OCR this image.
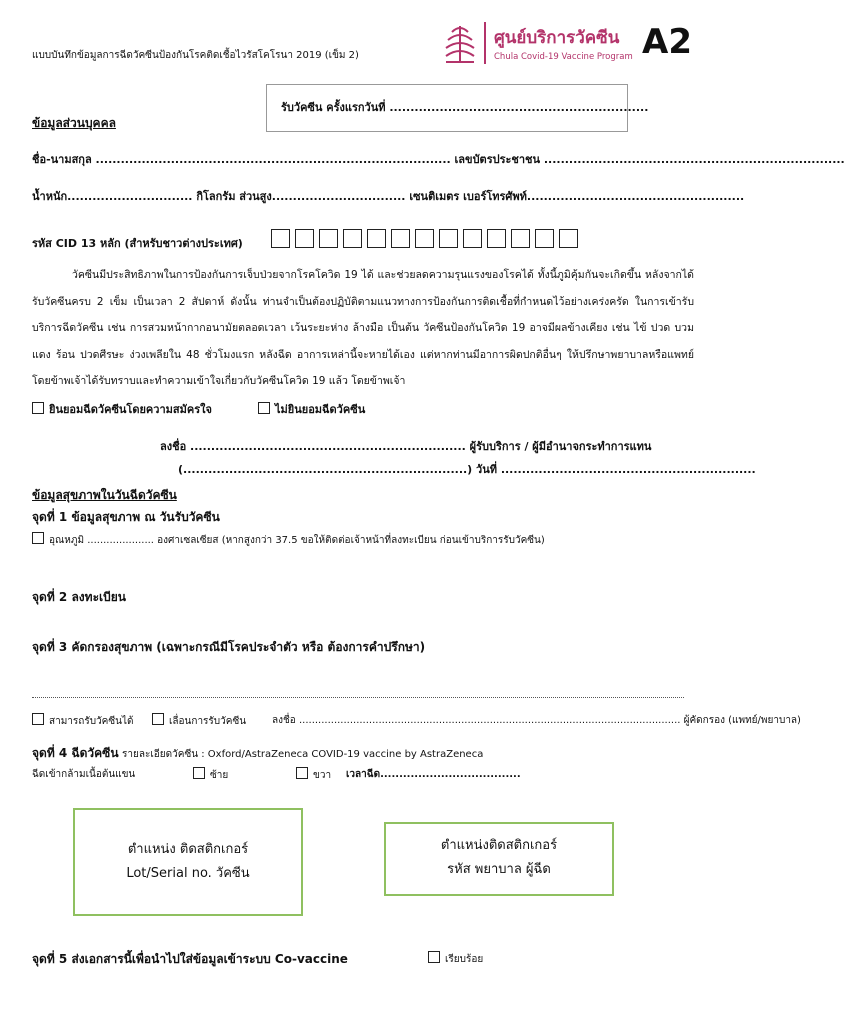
แบบบันทึกข้อมูลการฉีดวัคซีนป้องกันโรคติดเชื้อไวรัสโคโรนา 2019 (เข็ม 2)
ศูนย์บริการวัคซีน
Chula Covid-19 Vaccine Program A2
รับวัคซีน ครั้งแรกวันที่ ..............................................................
ข้อมูลส่วนบุคคล
ชื่อ-นามสกุล ..................................................................................... เลขบัตรประชาชน ........................................................................
น้ำหนัก.............................. กิโลกรัม ส่วนสูง................................ เซนติเมตร เบอร์โทรศัพท์....................................................
รหัส CID 13 หลัก (สำหรับชาวต่างประเทศ)
วัคซีนมีประสิทธิภาพในการป้องกันการเจ็บป่วยจากโรคโควิด 19 ได้ และช่วยลดความรุนแรงของโรคได้ ทั้งนี้ภูมิคุ้มกันจะเกิดขึ้น หลังจากได้รับวัคซีนครบ 2 เข็ม เป็นเวลา 2 สัปดาห์ ดังนั้น ท่านจำเป็นต้องปฏิบัติตามแนวทางการป้องกันการติดเชื้อที่กำหนดไว้อย่างเคร่งครัด ในการเข้ารับบริการฉีดวัคซีน เช่น การสวมหน้ากากอนามัยตลอดเวลา เว้นระยะห่าง ล้างมือ เป็นต้น วัคซีนป้องกันโควิด 19 อาจมีผลข้างเคียง เช่น ไข้ ปวด บวม แดง ร้อน ปวดศีรษะ ง่วงเพลียใน 48 ชั่วโมงแรก หลังฉีด อาการเหล่านี้จะหายได้เอง แต่หากท่านมีอาการผิดปกติอื่นๆ ให้ปรึกษาพยาบาลหรือแพทย์โดยข้าพเจ้าได้รับทราบและทำความเข้าใจเกี่ยวกับวัคซีนโควิด 19 แล้ว โดยข้าพเจ้า
ยินยอมฉีดวัคซีนโดยความสมัครใจ	ไม่ยินยอมฉีดวัคซีน
ลงชื่อ .................................................................. ผู้รับบริการ / ผู้มีอำนาจกระทำการแทน
(....................................................................) วันที่ .............................................................
ข้อมูลสุขภาพในวันฉีดวัคซีน
จุดที่ 1 ข้อมูลสุขภาพ ณ วันรับวัคซีน
อุณหภูมิ ..................... องศาเซลเซียส (หากสูงกว่า 37.5 ขอให้ติดต่อเจ้าหน้าที่ลงทะเบียน ก่อนเข้าบริการรับวัคซีน)
จุดที่ 2 ลงทะเบียน
จุดที่ 3 คัดกรองสุขภาพ (เฉพาะกรณีมีโรคประจำตัว หรือ ต้องการคำปรึกษา)
สามารถรับวัคซีนได้	เลื่อนการรับวัคซีน	ลงชื่อ ........................................................................................................................ ผู้คัดกรอง (แพทย์/พยาบาล)
จุดที่ 4 ฉีดวัคซีน รายละเอียดวัคซีน : Oxford/AstraZeneca COVID-19 vaccine by AstraZeneca
ฉีดเข้ากล้ามเนื้อต้นแขน	ซ้าย	ขวา เวลาฉีด.....................................
ตำแหน่ง ติดสติกเกอร์
Lot/Serial no. วัคซีน
ตำแหน่งติดสติกเกอร์
รหัส พยาบาล ผู้ฉีด
จุดที่ 5 ส่งเอกสารนี้เพื่อนำไปใส่ข้อมูลเข้าระบบ Co-vaccine	เรียบร้อย
